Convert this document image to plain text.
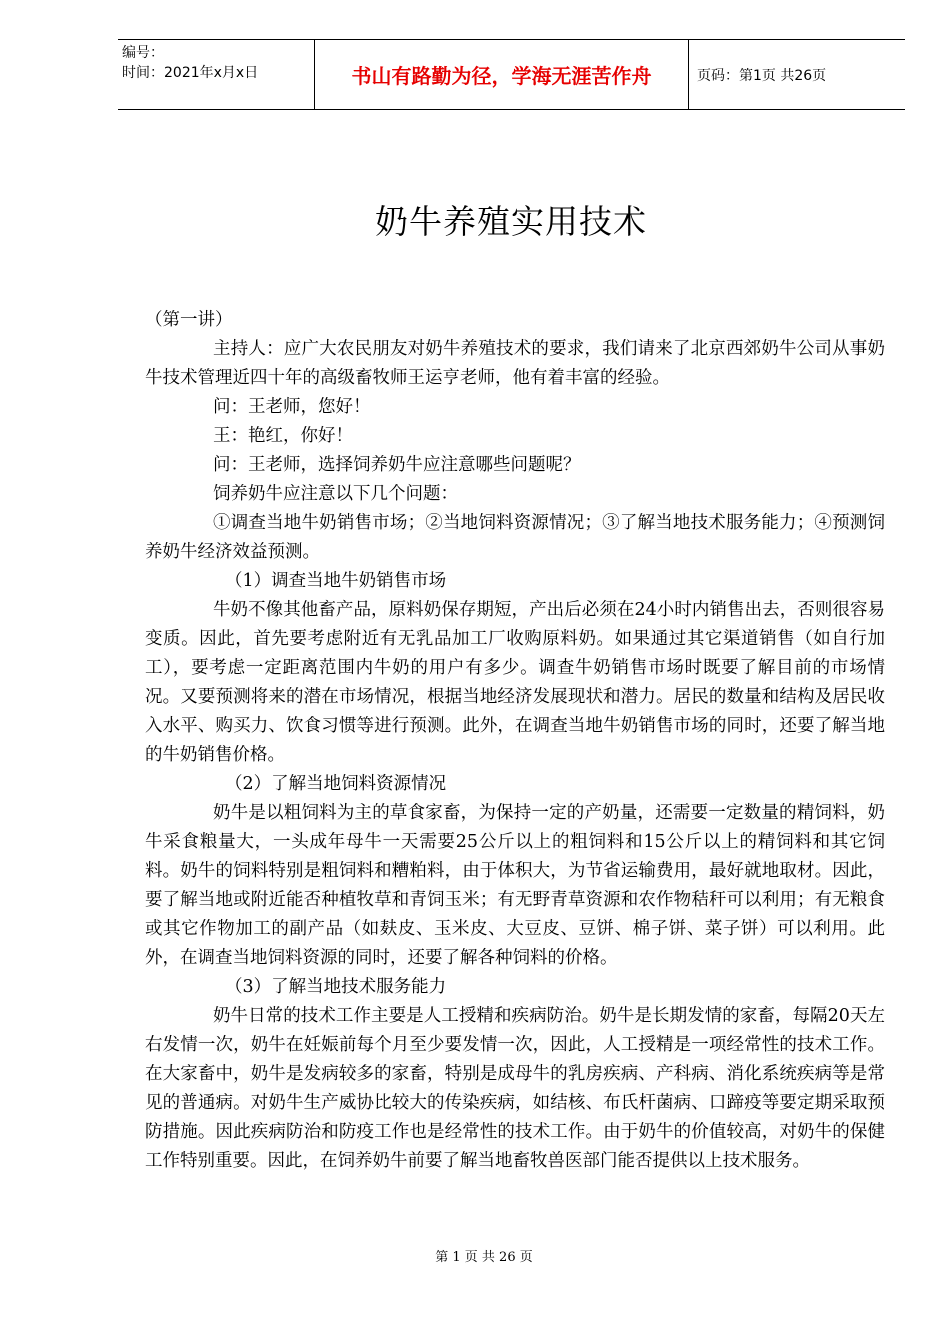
编号：
时间：2021年x月x日	书山有路勤为径，学海无涯苦作舟	页码：第1页 共26页
奶牛养殖实用技术

（第一讲）

主持人：应广大农民朋友对奶牛养殖技术的要求，我们请来了北京西郊奶牛公司从事奶牛技术管理近四十年的高级畜牧师王运亨老师，他有着丰富的经验。

问：王老师，您好！

王：艳红，你好！

问：王老师，选择饲养奶牛应注意哪些问题呢？

饲养奶牛应注意以下几个问题：

①调查当地牛奶销售市场；②当地饲料资源情况；③了解当地技术服务能力；④预测饲养奶牛经济效益预测。

（1）调查当地牛奶销售市场

牛奶不像其他畜产品，原料奶保存期短，产出后必须在24小时内销售出去，否则很容易变质。因此，首先要考虑附近有无乳品加工厂收购原料奶。如果通过其它渠道销售（如自行加工），要考虑一定距离范围内牛奶的用户有多少。调查牛奶销售市场时既要了解目前的市场情况。又要预测将来的潜在市场情况，根据当地经济发展现状和潜力。居民的数量和结构及居民收入水平、购买力、饮食习惯等进行预测。此外，在调查当地牛奶销售市场的同时，还要了解当地的牛奶销售价格。

（2）了解当地饲料资源情况

奶牛是以粗饲料为主的草食家畜，为保持一定的产奶量，还需要一定数量的精饲料，奶牛采食粮量大，一头成年母牛一天需要25公斤以上的粗饲料和15公斤以上的精饲料和其它饲料。奶牛的饲料特别是粗饲料和糟粕料，由于体积大，为节省运输费用，最好就地取材。因此，要了解当地或附近能否种植牧草和青饲玉米；有无野青草资源和农作物秸秆可以利用；有无粮食或其它作物加工的副产品（如麸皮、玉米皮、大豆皮、豆饼、棉子饼、菜子饼）可以利用。此外，在调查当地饲料资源的同时，还要了解各种饲料的价格。

（3）了解当地技术服务能力

奶牛日常的技术工作主要是人工授精和疾病防治。奶牛是长期发情的家畜，每隔20天左右发情一次，奶牛在妊娠前每个月至少要发情一次，因此，人工授精是一项经常性的技术工作。在大家畜中，奶牛是发病较多的家畜，特别是成母牛的乳房疾病、产科病、消化系统疾病等是常见的普通病。对奶牛生产威协比较大的传染疾病，如结核、布氏杆菌病、口蹄疫等要定期采取预防措施。因此疾病防治和防疫工作也是经常性的技术工作。由于奶牛的价值较高，对奶牛的保健工作特别重要。因此，在饲养奶牛前要了解当地畜牧兽医部门能否提供以上技术服务。

第 1 页 共 26 页
